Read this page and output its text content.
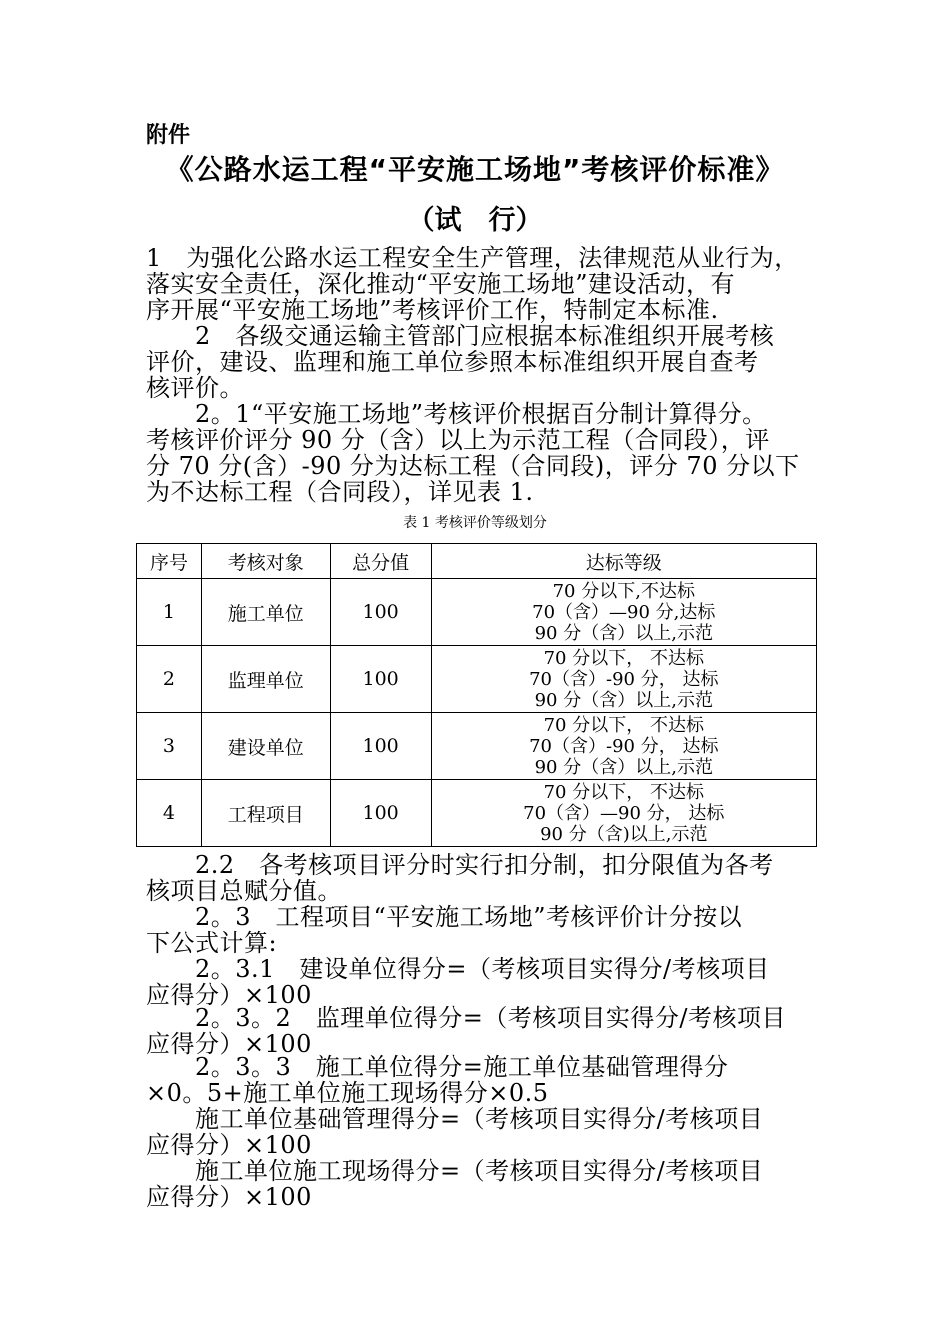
附件
《公路水运工程“平安施工场地”考核评价标准》
（试　行）
1　为强化公路水运工程安全生产管理，法律规范从业行为，
落实安全责任，深化推动“平安施工场地”建设活动，有
序开展“平安施工场地”考核评价工作，特制定本标准.
　　2　各级交通运输主管部门应根据本标准组织开展考核
评价，建设、监理和施工单位参照本标准组织开展自查考
核评价。
　　2。1“平安施工场地”考核评价根据百分制计算得分。
考核评价评分 90 分（含）以上为示范工程（合同段），评
分 70 分(含）-90 分为达标工程（合同段)，评分 70 分以下
为不达标工程（合同段），详见表 1.
表 1 考核评价等级划分
序号	考核对象	总分值	达标等级
1	施工单位	100	70 分以下,不达标
70（含）—90 分,达标
90 分（含）以上,示范

2	监理单位	100	70 分以下， 不达标
70（含）-90 分， 达标
90 分（含）以上,示范

3	建设单位	100	70 分以下， 不达标
70（含）-90 分， 达标
90 分（含）以上,示范

4	工程项目	100	70 分以下， 不达标
70（含）—90 分， 达标
90 分（含)以上,示范
　　2.2　各考核项目评分时实行扣分制，扣分限值为各考
核项目总赋分值。
　　2。3　工程项目“平安施工场地”考核评价计分按以
下公式计算:
　　2。3.1　建设单位得分=（考核项目实得分/考核项目
应得分）×100
　　2。3。2　监理单位得分=（考核项目实得分/考核项目
应得分）×100
　　2。3。3　施工单位得分=施工单位基础管理得分
×0。5+施工单位施工现场得分×0.5
　　施工单位基础管理得分=（考核项目实得分/考核项目
应得分）×100
　　施工单位施工现场得分=（考核项目实得分/考核项目
应得分）×100
